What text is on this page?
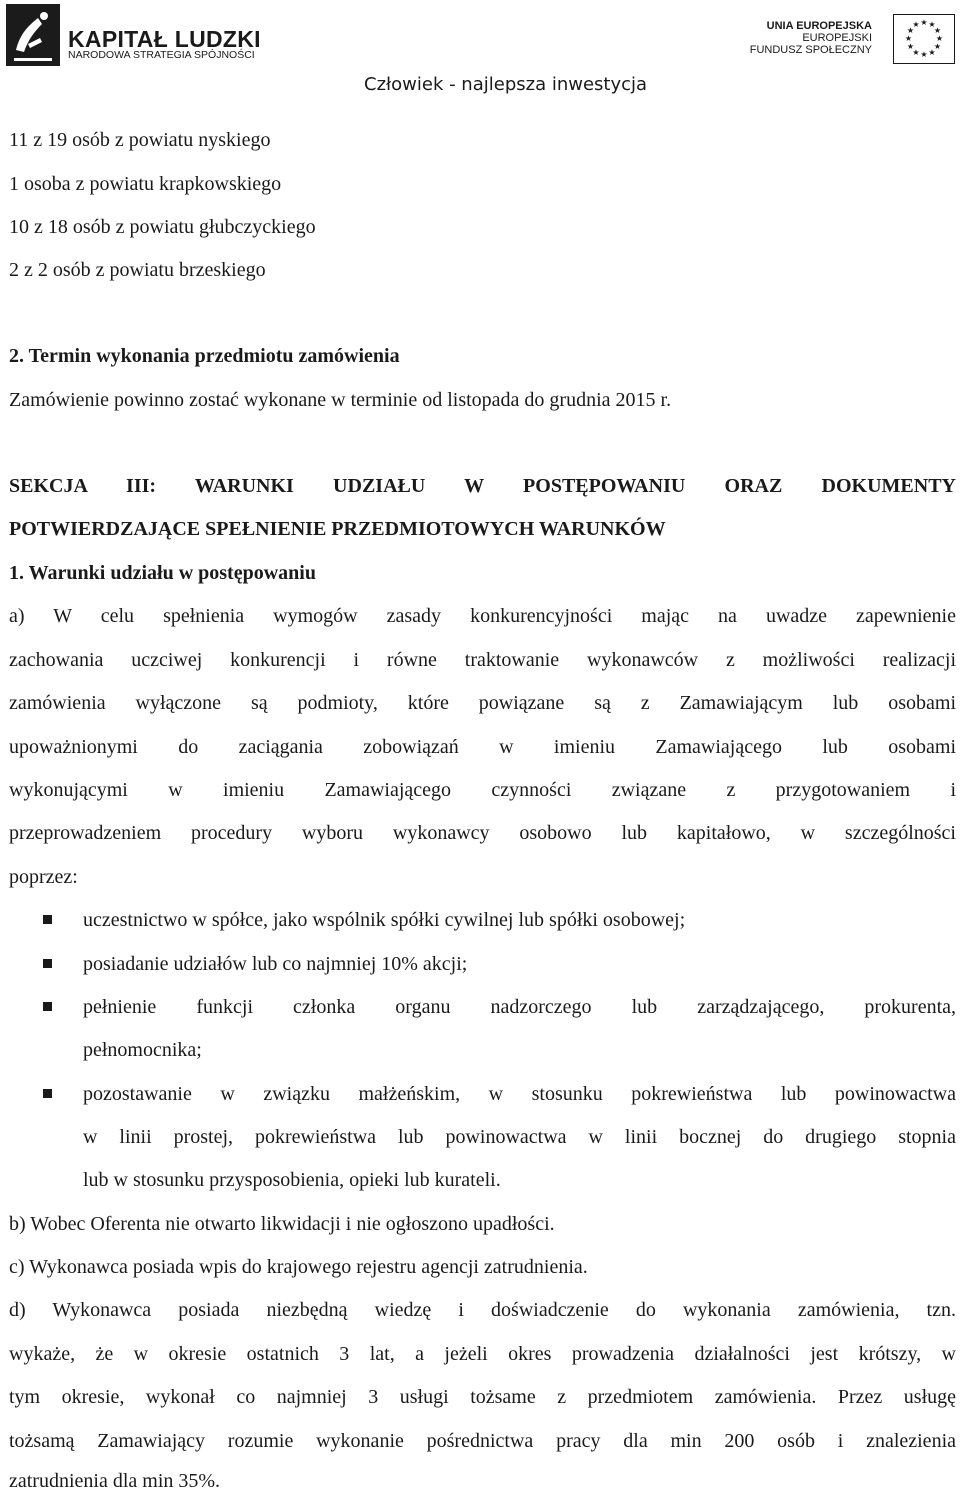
KAPITAŁ LUDZKI
NARODOWA STRATEGIA SPÓJNOŚCI
UNIA EUROPEJSKA
EUROPEJSKI
FUNDUSZ SPOŁECZNY
★ ★
★
★
★
★
★
★
★
★
★
★
Człowiek - najlepsza inwestycja
11 z 19 osób z powiatu nyskiego
1 osoba z powiatu krapkowskiego
10 z 18 osób z powiatu głubczyckiego
2 z 2 osób z powiatu brzeskiego
2. Termin wykonania przedmiotu zamówienia
Zamówienie powinno zostać wykonane w terminie od listopada do grudnia 2015 r.
SEKCJA III: WARUNKI UDZIAŁU W POSTĘPOWANIU ORAZ DOKUMENTY
POTWIERDZAJĄCE SPEŁNIENIE PRZEDMIOTOWYCH WARUNKÓW
1. Warunki udziału w postępowaniu
a) W celu spełnienia wymogów zasady konkurencyjności mając na uwadze zapewnienie
zachowania uczciwej konkurencji i równe traktowanie wykonawców z możliwości realizacji
zamówienia wyłączone są podmioty, które powiązane są z Zamawiającym lub osobami
upoważnionymi do zaciągania zobowiązań w imieniu Zamawiającego lub osobami
wykonującymi w imieniu Zamawiającego czynności związane z przygotowaniem i
przeprowadzeniem procedury wyboru wykonawcy osobowo lub kapitałowo, w szczególności
poprzez:
uczestnictwo w spółce, jako wspólnik spółki cywilnej lub spółki osobowej;
posiadanie udziałów lub co najmniej 10% akcji;
pełnienie funkcji członka organu nadzorczego lub zarządzającego, prokurenta,
pełnomocnika;
pozostawanie w związku małżeńskim, w stosunku pokrewieństwa lub powinowactwa
w linii prostej, pokrewieństwa lub powinowactwa w linii bocznej do drugiego stopnia
lub w stosunku przysposobienia, opieki lub kurateli.
b) Wobec Oferenta nie otwarto likwidacji i nie ogłoszono upadłości.
c) Wykonawca posiada wpis do krajowego rejestru agencji zatrudnienia.
d) Wykonawca posiada niezbędną wiedzę i doświadczenie do wykonania zamówienia, tzn.
wykaże, że w okresie ostatnich 3 lat, a jeżeli okres prowadzenia działalności jest krótszy, w
tym okresie, wykonał co najmniej 3 usługi tożsame z przedmiotem zamówienia. Przez usługę
tożsamą Zamawiający rozumie wykonanie pośrednictwa pracy dla min 200 osób i znalezienia
zatrudnienia dla min 35%.
